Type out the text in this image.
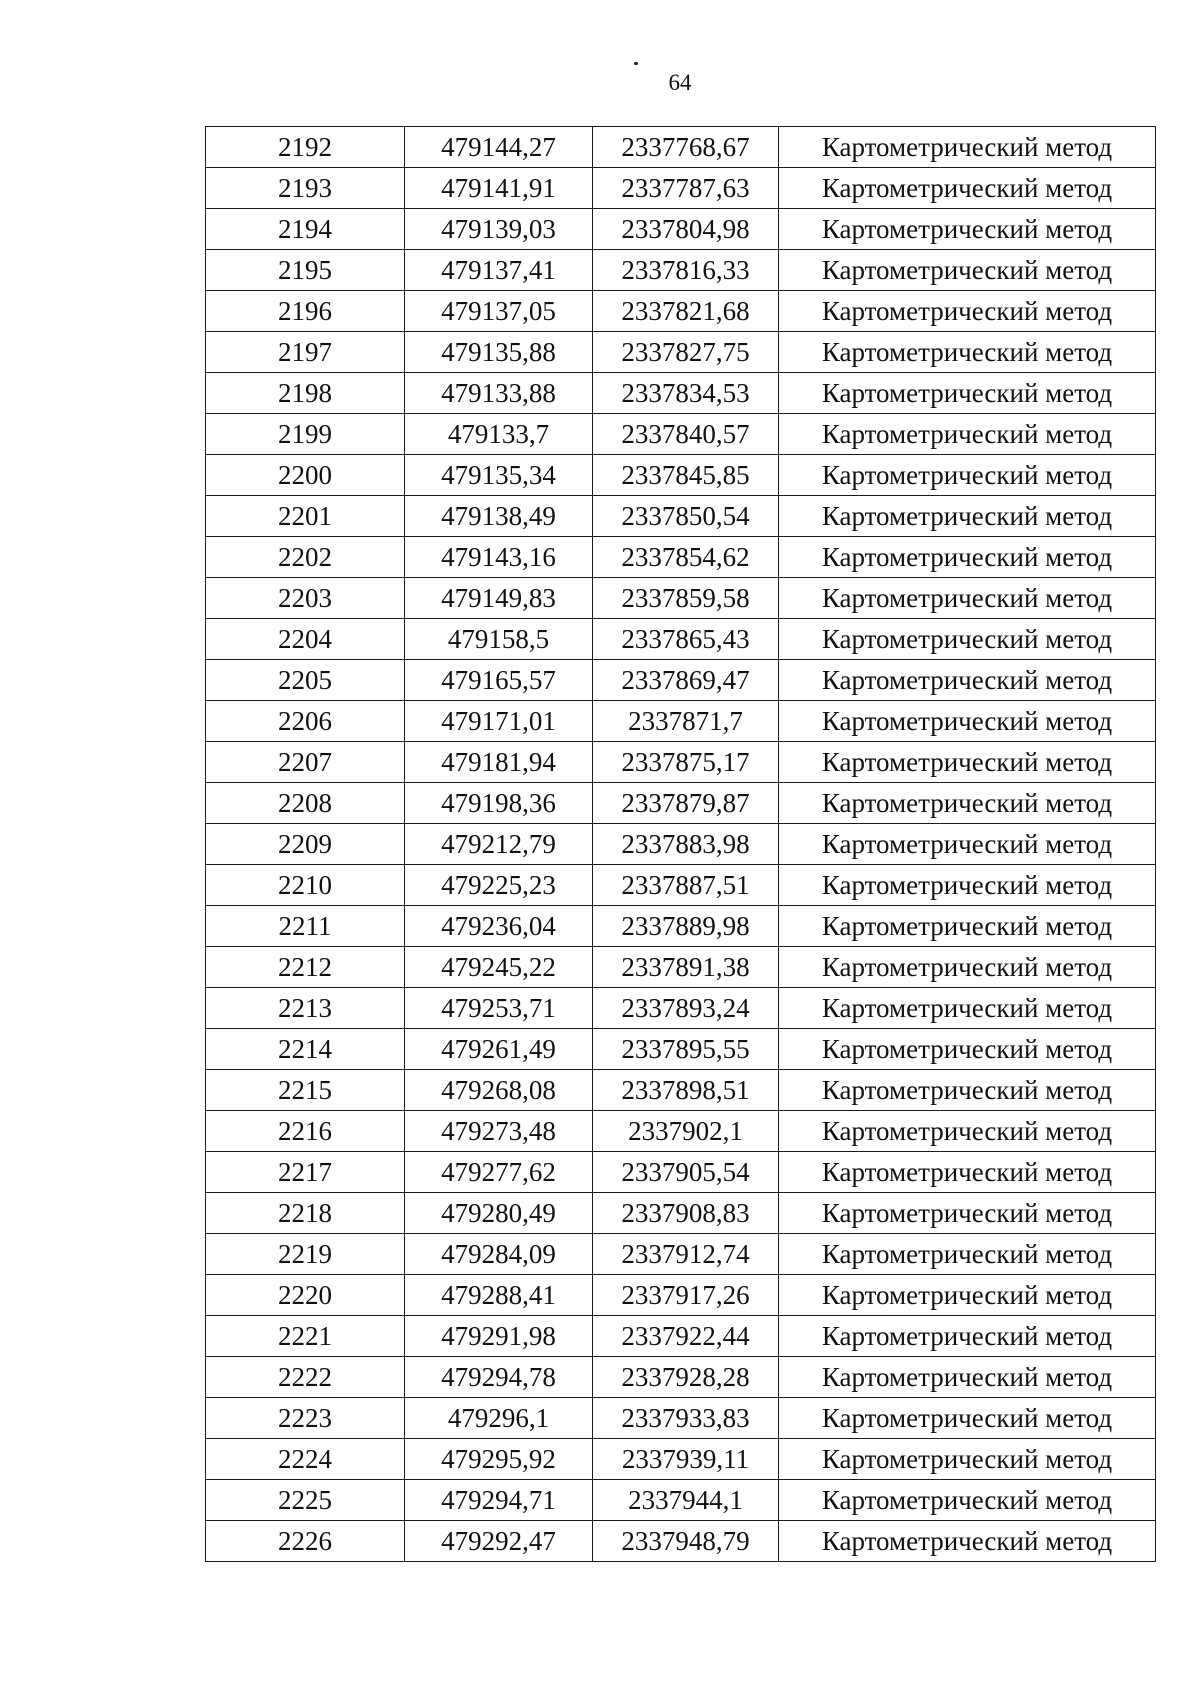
64
2192	479144,27	2337768,67	Картометрический метод
2193	479141,91	2337787,63	Картометрический метод
2194	479139,03	2337804,98	Картометрический метод
2195	479137,41	2337816,33	Картометрический метод
2196	479137,05	2337821,68	Картометрический метод
2197	479135,88	2337827,75	Картометрический метод
2198	479133,88	2337834,53	Картометрический метод
2199	479133,7	2337840,57	Картометрический метод
2200	479135,34	2337845,85	Картометрический метод
2201	479138,49	2337850,54	Картометрический метод
2202	479143,16	2337854,62	Картометрический метод
2203	479149,83	2337859,58	Картометрический метод
2204	479158,5	2337865,43	Картометрический метод
2205	479165,57	2337869,47	Картометрический метод
2206	479171,01	2337871,7	Картометрический метод
2207	479181,94	2337875,17	Картометрический метод
2208	479198,36	2337879,87	Картометрический метод
2209	479212,79	2337883,98	Картометрический метод
2210	479225,23	2337887,51	Картометрический метод
2211	479236,04	2337889,98	Картометрический метод
2212	479245,22	2337891,38	Картометрический метод
2213	479253,71	2337893,24	Картометрический метод
2214	479261,49	2337895,55	Картометрический метод
2215	479268,08	2337898,51	Картометрический метод
2216	479273,48	2337902,1	Картометрический метод
2217	479277,62	2337905,54	Картометрический метод
2218	479280,49	2337908,83	Картометрический метод
2219	479284,09	2337912,74	Картометрический метод
2220	479288,41	2337917,26	Картометрический метод
2221	479291,98	2337922,44	Картометрический метод
2222	479294,78	2337928,28	Картометрический метод
2223	479296,1	2337933,83	Картометрический метод
2224	479295,92	2337939,11	Картометрический метод
2225	479294,71	2337944,1	Картометрический метод
2226	479292,47	2337948,79	Картометрический метод
